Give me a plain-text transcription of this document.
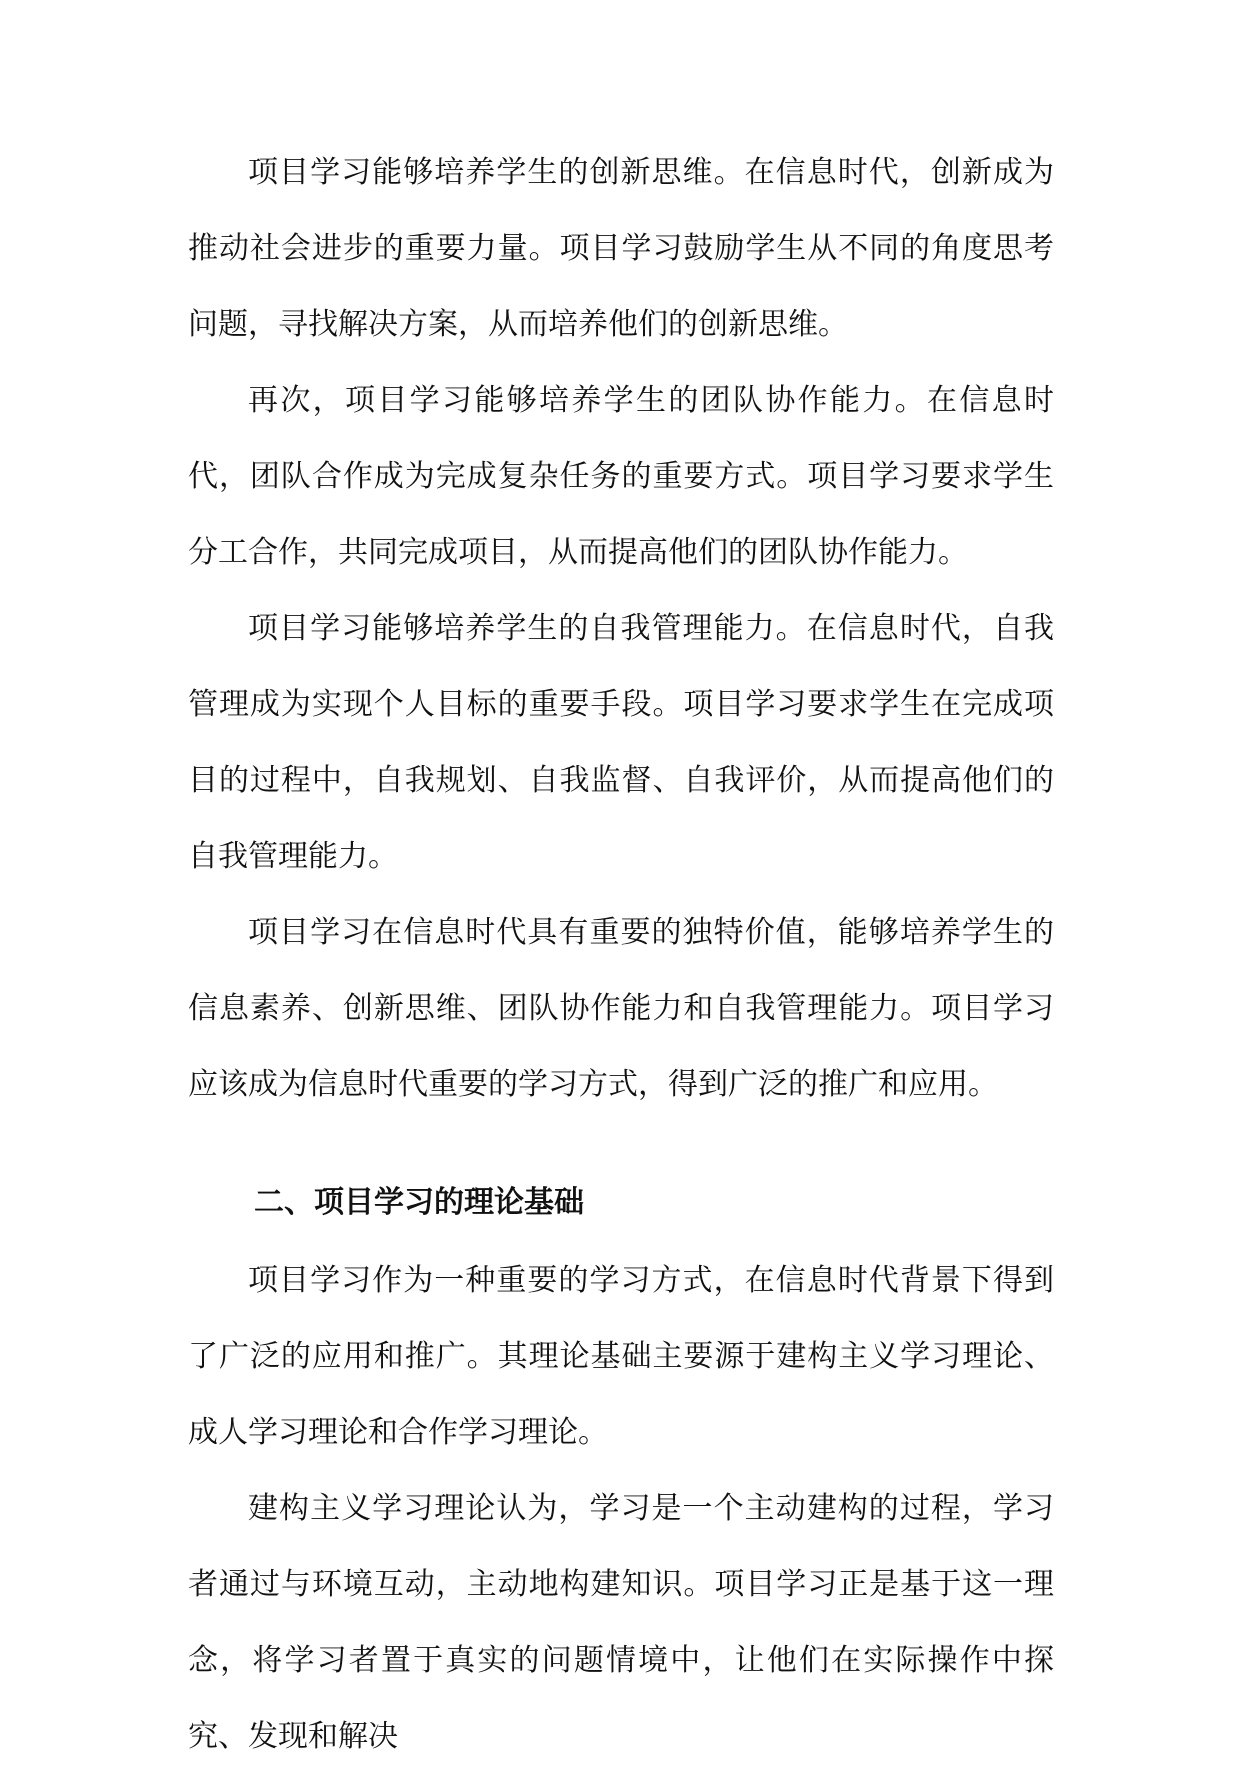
项目学习能够培养学生的创新思维。在信息时代，创新成为推动社会进步的重要力量。项目学习鼓励学生从不同的角度思考问题，寻找解决方案，从而培养他们的创新思维。

再次，项目学习能够培养学生的团队协作能力。在信息时代，团队合作成为完成复杂任务的重要方式。项目学习要求学生分工合作，共同完成项目，从而提高他们的团队协作能力。

项目学习能够培养学生的自我管理能力。在信息时代，自我管理成为实现个人目标的重要手段。项目学习要求学生在完成项目的过程中，自我规划、自我监督、自我评价，从而提高他们的自我管理能力。

项目学习在信息时代具有重要的独特价值，能够培养学生的信息素养、创新思维、团队协作能力和自我管理能力。项目学习应该成为信息时代重要的学习方式，得到广泛的推广和应用。

二、项目学习的理论基础

项目学习作为一种重要的学习方式，在信息时代背景下得到了广泛的应用和推广。其理论基础主要源于建构主义学习理论、成人学习理论和合作学习理论。

建构主义学习理论认为，学习是一个主动建构的过程，学习者通过与环境互动，主动地构建知识。项目学习正是基于这一理念，将学习者置于真实的问题情境中，让他们在实际操作中探究、发现和解决
